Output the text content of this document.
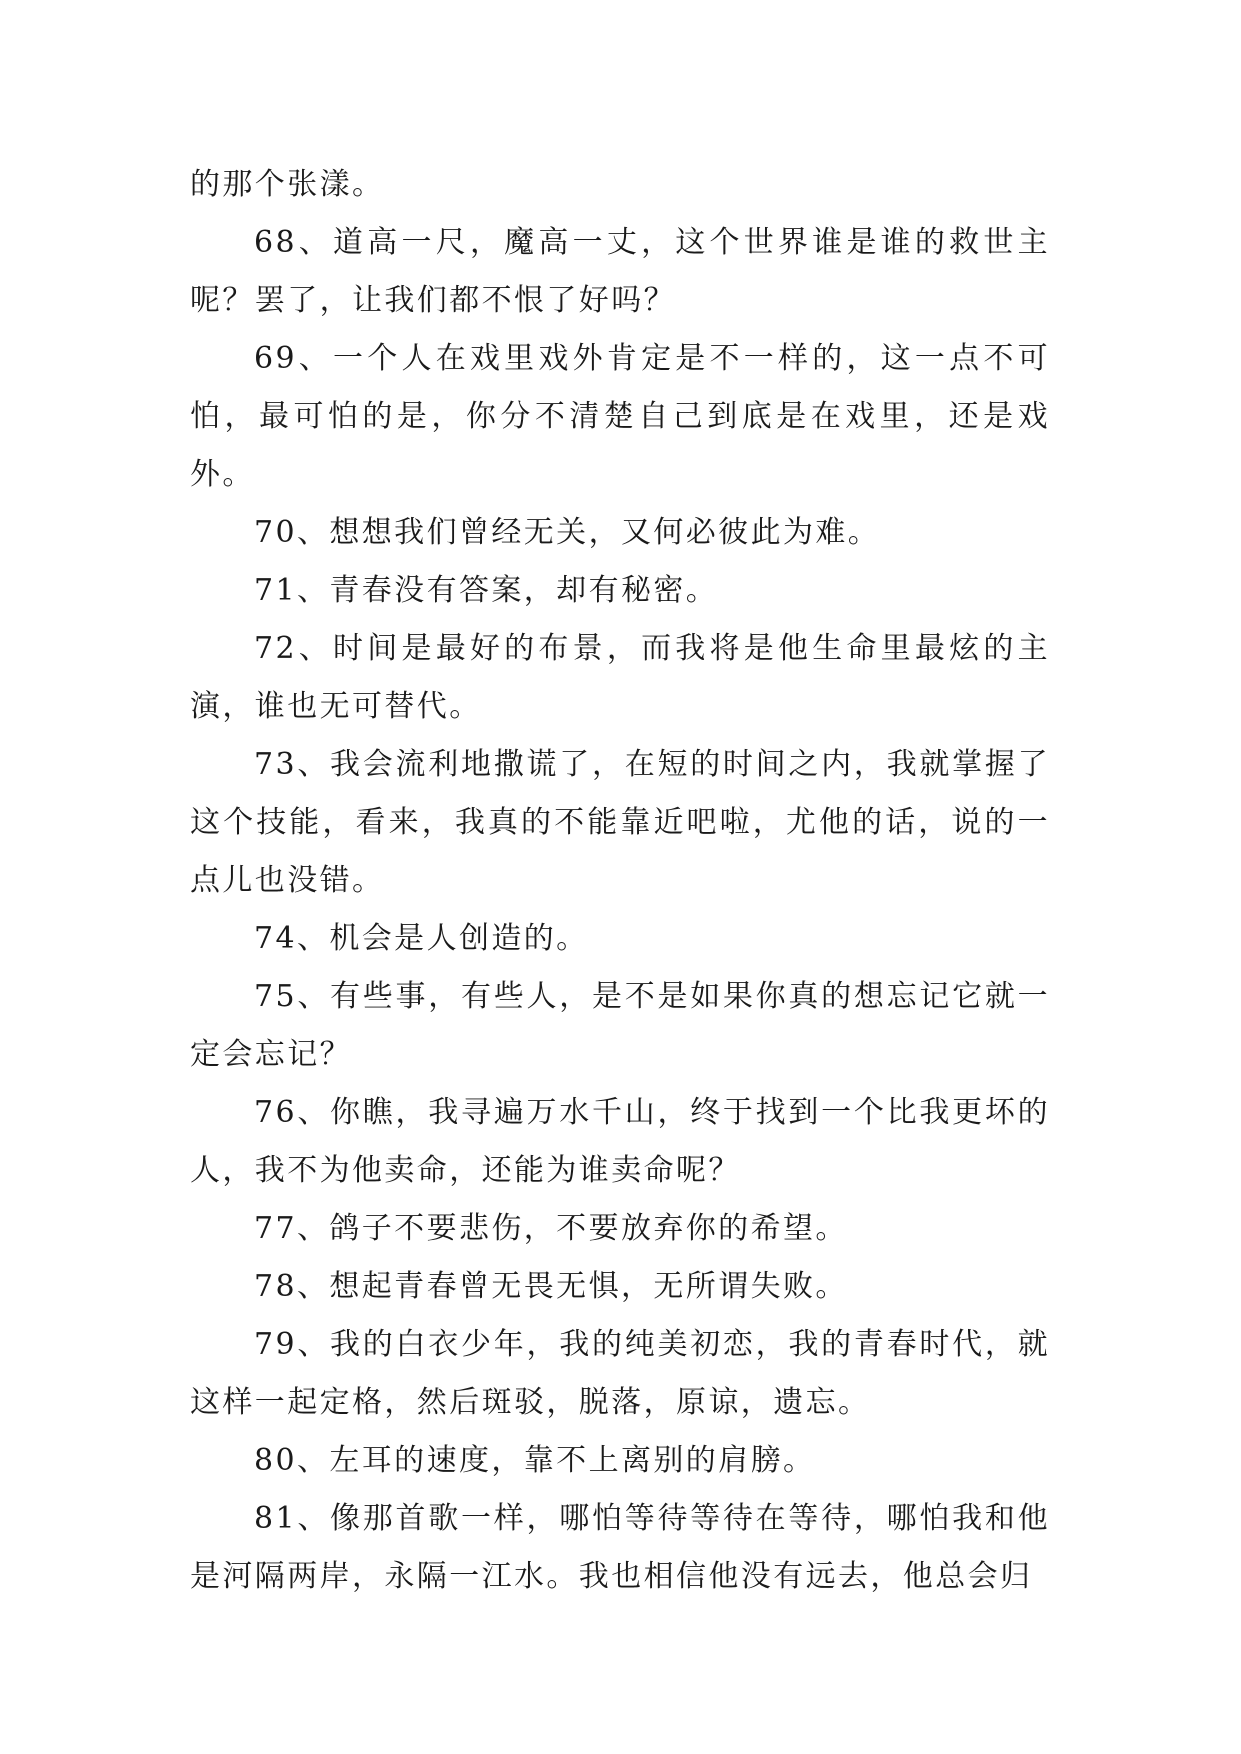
的那个张漾。

68、道高一尺，魔高一丈，这个世界谁是谁的救世主呢？罢了，让我们都不恨了好吗？

69、一个人在戏里戏外肯定是不一样的，这一点不可怕，最可怕的是，你分不清楚自己到底是在戏里，还是戏外。

70、想想我们曾经无关，又何必彼此为难。

71、青春没有答案，却有秘密。

72、时间是最好的布景，而我将是他生命里最炫的主演，谁也无可替代。

73、我会流利地撒谎了，在短的时间之内，我就掌握了这个技能，看来，我真的不能靠近吧啦，尤他的话，说的一点儿也没错。

74、机会是人创造的。

75、有些事，有些人，是不是如果你真的想忘记它就一定会忘记？

76、你瞧，我寻遍万水千山，终于找到一个比我更坏的人，我不为他卖命，还能为谁卖命呢？

77、鸽子不要悲伤，不要放弃你的希望。

78、想起青春曾无畏无惧，无所谓失败。

79、我的白衣少年，我的纯美初恋，我的青春时代，就这样一起定格，然后斑驳，脱落，原谅，遗忘。

80、左耳的速度，靠不上离别的肩膀。

81、像那首歌一样，哪怕等待等待在等待，哪怕我和他是河隔两岸，永隔一江水。我也相信他没有远去，他总会归
